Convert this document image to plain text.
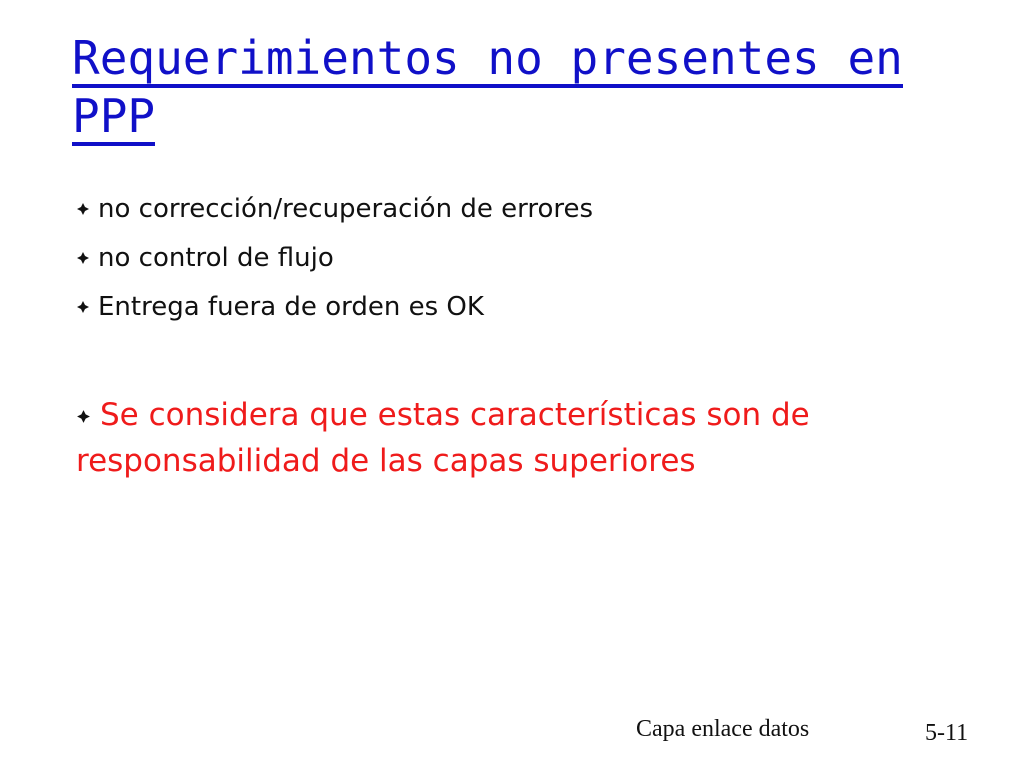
Requerimientos no presentes en
PPP
no corrección/recuperación de errores
no control de flujo
Entrega fuera de orden es OK
Se considera que estas características son de responsabilidad de las capas superiores
Capa enlace datos	5-11
